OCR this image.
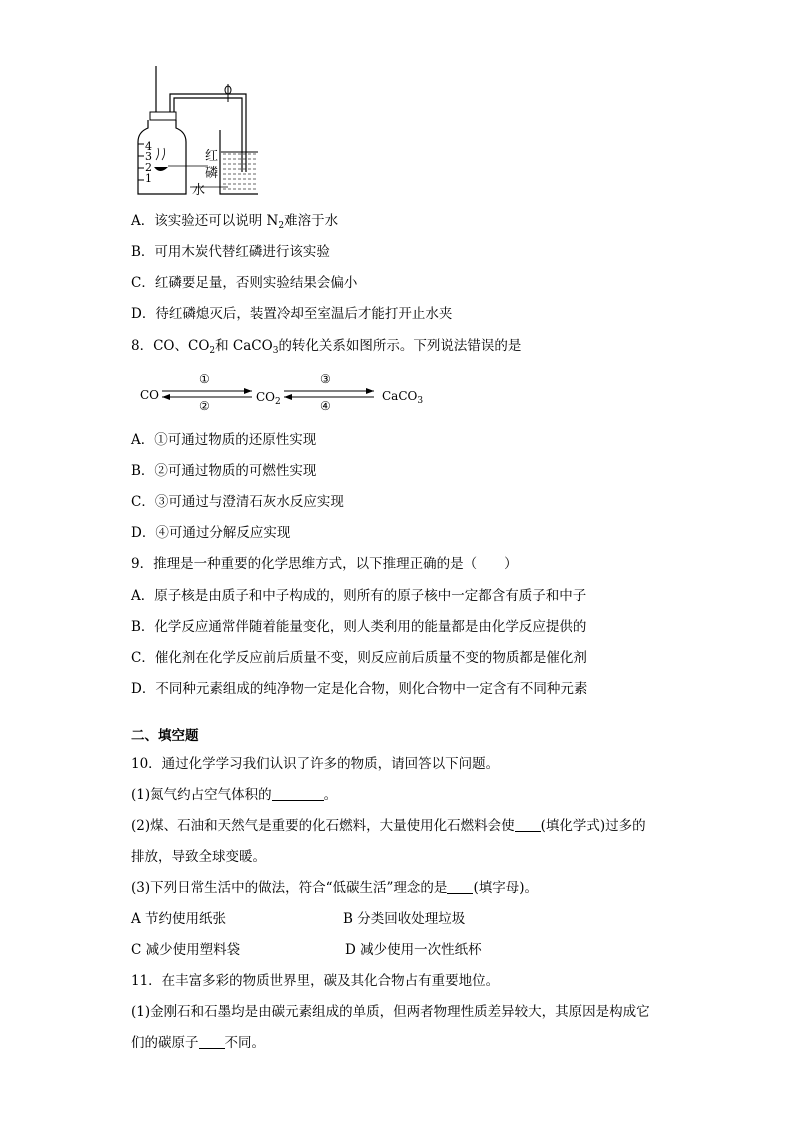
4
3
2
1
红
磷
水
A．该实验还可以说明 $N_2$难溶于水
B．可用木炭代替红磷进行该实验
C．红磷要足量，否则实验结果会偏小
D．待红磷熄灭后，装置冷却至室温后才能打开止水夹
8．CO、$CO_2$和 CaCO$_3$的转化关系如图所示。下列说法错误的是
CO	$CO_2$	CaCO$_3$
①
②
③
④
A．①可通过物质的还原性实现
B．②可通过物质的可燃性实现
C．③可通过与澄清石灰水反应实现
D．④可通过分解反应实现
9．推理是一种重要的化学思维方式，以下推理正确的是（　　）
A．原子核是由质子和中子构成的，则所有的原子核中一定都含有质子和中子
B．化学反应通常伴随着能量变化，则人类利用的能量都是由化学反应提供的
C．催化剂在化学反应前后质量不变，则反应前后质量不变的物质都是催化剂
D．不同种元素组成的纯净物一定是化合物，则化合物中一定含有不同种元素
二、填空题
10．通过化学学习我们认识了许多的物质，请回答以下问题。
(1)氮气约占空气体积的	。
(2)煤、石油和天然气是重要的化石燃料，大量使用化石燃料会使 (填化学式)过多的
排放，导致全球变暖。
(3)下列日常生活中的做法，符合“低碳生活”理念的是 (填字母)。
A 节约使用纸张	B 分类回收处理垃圾
C 减少使用塑料袋	D 减少使用一次性纸杯
11．在丰富多彩的物质世界里，碳及其化合物占有重要地位。
(1)金刚石和石墨均是由碳元素组成的单质，但两者物理性质差异较大，其原因是构成它
们的碳原子 不同。
